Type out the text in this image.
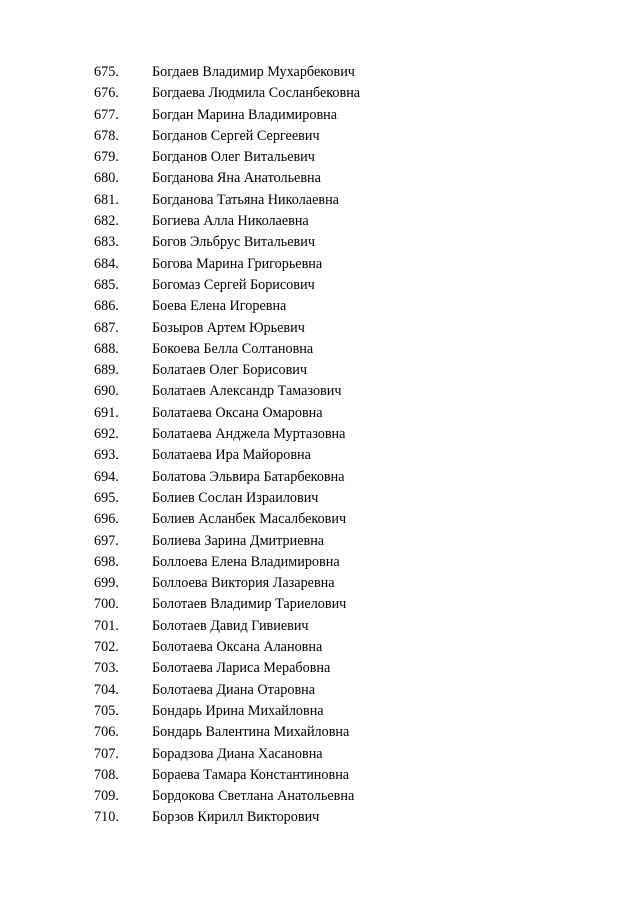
675.	Богдаев Владимир Мухарбекович
676.	Богдаева Людмила Сосланбековна
677.	Богдан Марина Владимировна
678.	Богданов Сергей Сергеевич
679.	Богданов Олег Витальевич
680.	Богданова Яна Анатольевна
681.	Богданова Татьяна Николаевна
682.	Богиева Алла Николаевна
683.	Богов Эльбрус Витальевич
684.	Богова Марина Григорьевна
685.	Богомаз Сергей Борисович
686.	Боева Елена Игоревна
687.	Бозыров Артем Юрьевич
688.	Бокоева Белла Солтановна
689.	Болатаев Олег Борисович
690.	Болатаев Александр Тамазович
691.	Болатаева Оксана Омаровна
692.	Болатаева Анджела Муртазовна
693.	Болатаева Ира Майоровна
694.	Болатова Эльвира Батарбековна
695.	Болиев Сослан Израилович
696.	Болиев Асланбек Масалбекович
697.	Болиева Зарина Дмитриевна
698.	Боллоева Елена Владимировна
699.	Боллоева Виктория Лазаревна
700.	Болотаев Владимир Тариелович
701.	Болотаев Давид Гивиевич
702.	Болотаева Оксана Алановна
703.	Болотаева Лариса Мерабовна
704.	Болотаева Диана Отаровна
705.	Бондарь Ирина Михайловна
706.	Бондарь Валентина Михайловна
707.	Борадзова Диана Хасановна
708.	Бораева Тамара Константиновна
709.	Бордокова Светлана Анатольевна
710.	Борзов Кирилл Викторович
